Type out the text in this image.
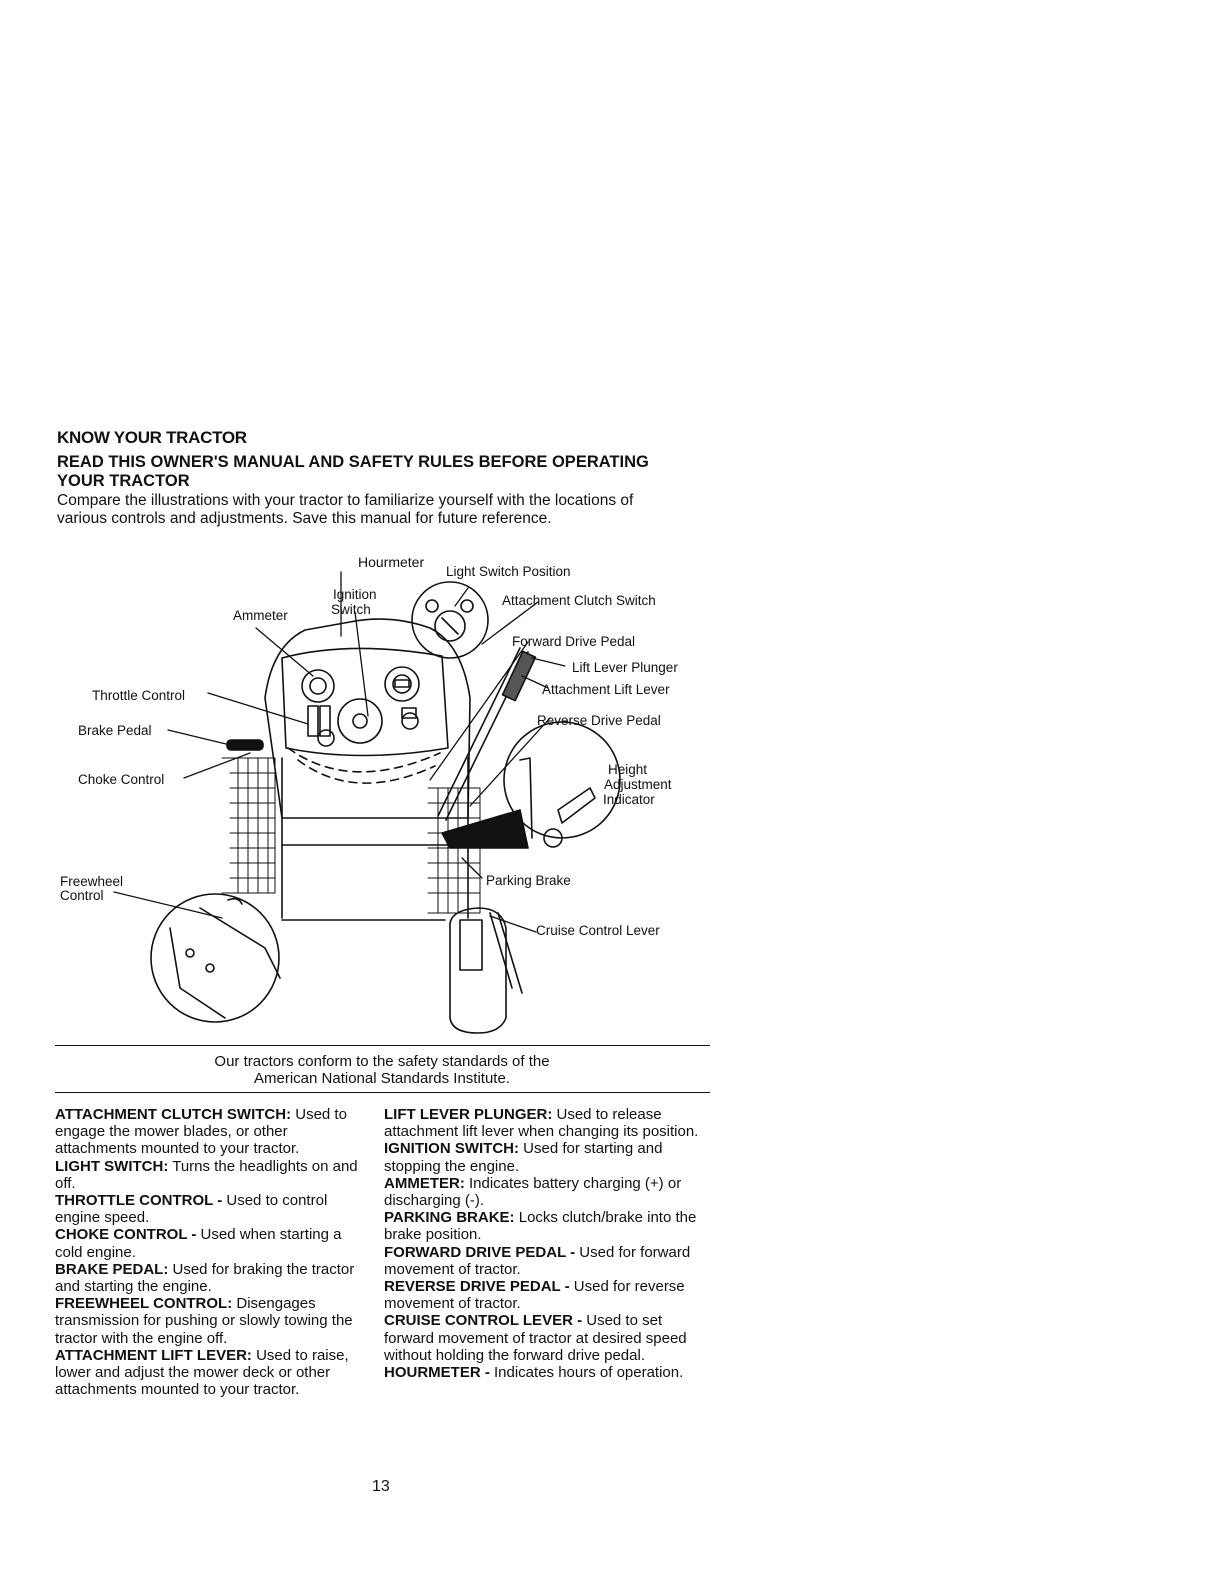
KNOW YOUR TRACTOR
READ THIS OWNER'S MANUAL AND SAFETY RULES BEFORE OPERATING
YOUR TRACTOR
Compare the illustrations with your tractor to familiarize yourself with the locations of
various controls and adjustments. Save this manual for future reference.
Hourmeter
Light Switch Position
Ignition
Switch
Ammeter
Attachment Clutch Switch
Forward Drive Pedal
Lift Lever Plunger
Attachment Lift Lever
Throttle Control
Reverse Drive Pedal
Brake Pedal
Height
Adjustment
Indicator
Choke Control
Freewheel
Control
Parking Brake
Cruise Control Lever
Our tractors conform to the safety standards of the
American National Standards Institute.

ATTACHMENT CLUTCH SWITCH: Used to engage the mower blades, or other attachments mounted to your tractor.

LIGHT SWITCH: Turns the headlights on and off.

THROTTLE CONTROL - Used to control engine speed.

CHOKE CONTROL - Used when starting a cold engine.

BRAKE PEDAL: Used for braking the tractor and starting the engine.

FREEWHEEL CONTROL: Disengages transmission for pushing or slowly towing the tractor with the engine off.

ATTACHMENT LIFT LEVER: Used to raise, lower and adjust the mower deck or other attachments mounted to your tractor.

LIFT LEVER PLUNGER: Used to release attachment lift lever when changing its position.

IGNITION SWITCH: Used for starting and stopping the engine.

AMMETER: Indicates battery charging (+) or discharging (-).

PARKING BRAKE: Locks clutch/brake into the brake position.

FORWARD DRIVE PEDAL - Used for forward movement of tractor.

REVERSE DRIVE PEDAL - Used for reverse movement of tractor.

CRUISE CONTROL LEVER - Used to set forward movement of tractor at desired speed without holding the forward drive pedal.

HOURMETER - Indicates hours of operation.

13
